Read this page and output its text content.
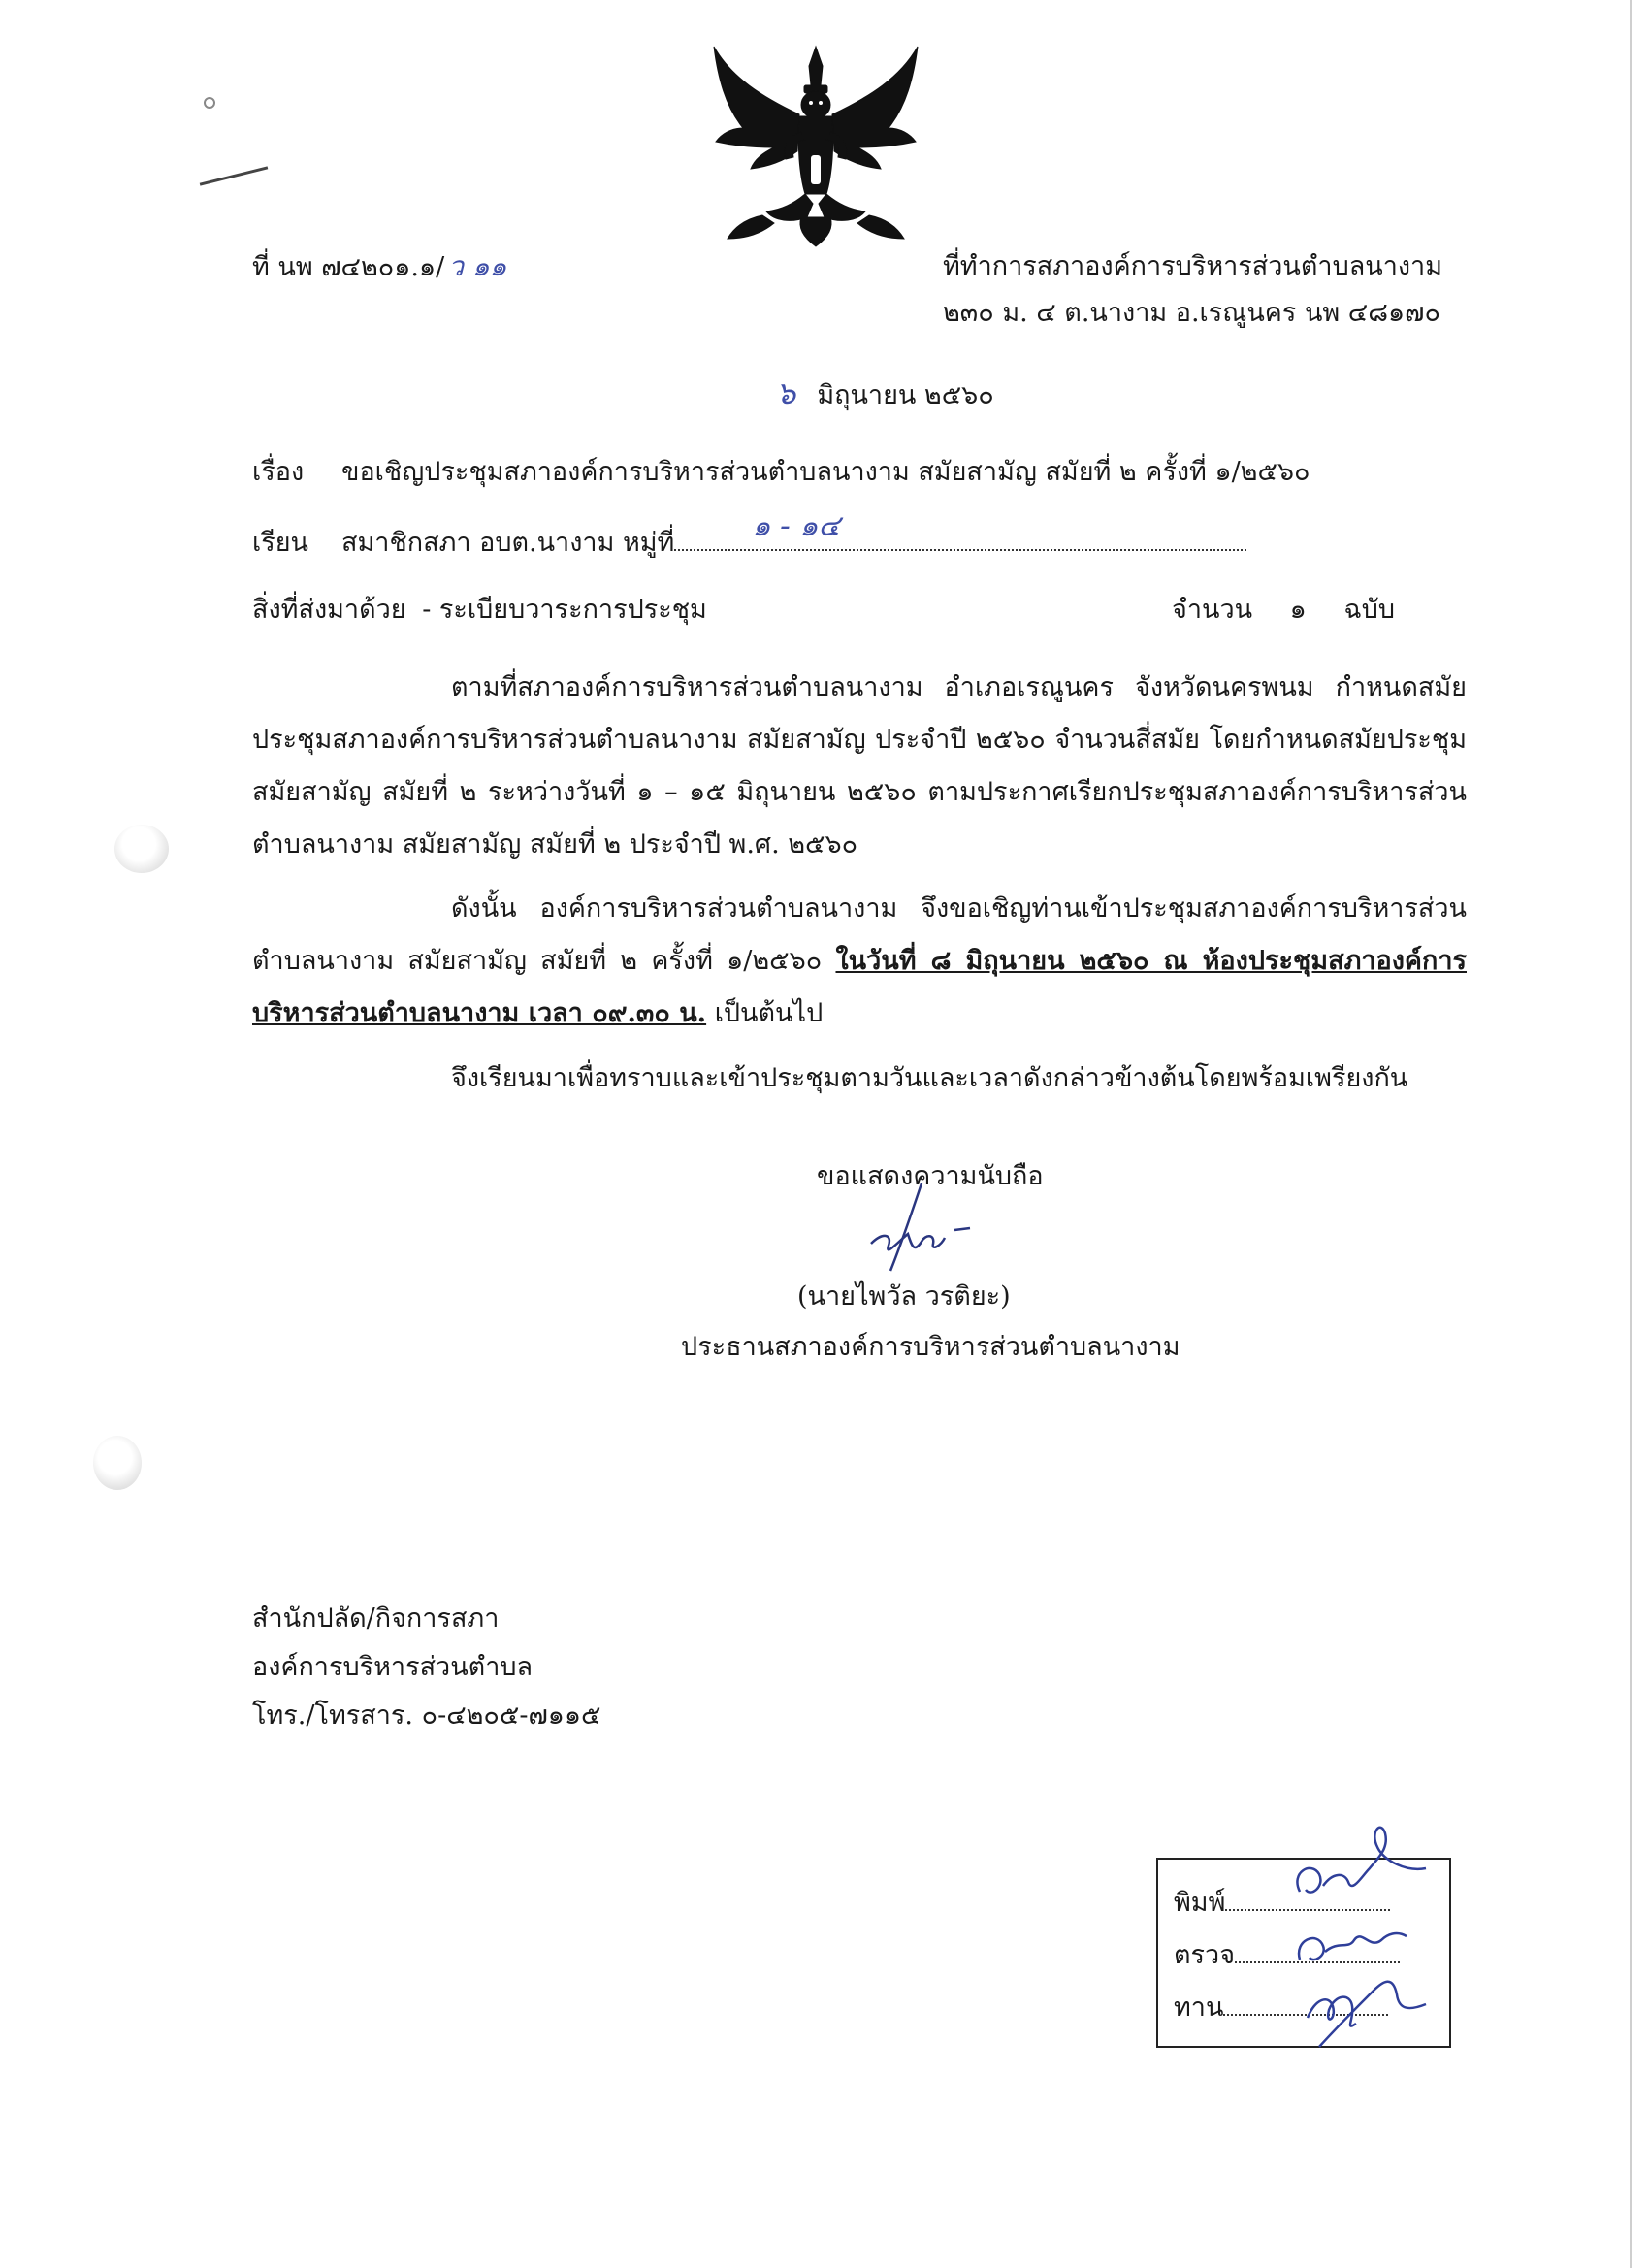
ที่ นพ ๗๔๒๐๑.๑/ ว ๑๑	ที่ทำการสภาองค์การบริหารส่วนตำบลนางาม
๒๓๐ ม. ๔ ต.นางาม อ.เรณูนคร นพ ๔๘๑๗๐
๖ มิถุนายน ๒๕๖๐
เรื่อง ขอเชิญประชุมสภาองค์การบริหารส่วนตำบลนางาม สมัยสามัญ สมัยที่ ๒ ครั้งที่ ๑/๒๕๖๐
เรียน สมาชิกสภา อบต.นางาม หมู่ที่	๑ - ๑๔
สิ่งที่ส่งมาด้วย - ระเบียบวาระการประชุม	จำนวน ๑ ฉบับ
ตามที่สภาองค์การบริหารส่วนตำบลนางาม อำเภอเรณูนคร จังหวัดนครพนม กำหนดสมัยประชุมสภาองค์การบริหารส่วนตำบลนางาม สมัยสามัญ ประจำปี ๒๕๖๐ จำนวนสี่สมัย โดยกำหนดสมัยประชุม สมัยสามัญ สมัยที่ ๒ ระหว่างวันที่ ๑ – ๑๕ มิถุนายน ๒๕๖๐ ตามประกาศเรียกประชุมสภาองค์การบริหารส่วนตำบลนางาม สมัยสามัญ สมัยที่ ๒ ประจำปี พ.ศ. ๒๕๖๐
ดังนั้น องค์การบริหารส่วนตำบลนางาม จึงขอเชิญท่านเข้าประชุมสภาองค์การบริหารส่วนตำบลนางาม สมัยสามัญ สมัยที่ ๒ ครั้งที่ ๑/๒๕๖๐ ในวันที่ ๘ มิถุนายน ๒๕๖๐ ณ ห้องประชุมสภาองค์การบริหารส่วนตำบลนางาม เวลา ๐๙.๓๐ น. เป็นต้นไป
จึงเรียนมาเพื่อทราบและเข้าประชุมตามวันและเวลาดังกล่าวข้างต้นโดยพร้อมเพรียงกัน
ขอแสดงความนับถือ
(นายไพวัล วรติยะ)
ประธานสภาองค์การบริหารส่วนตำบลนางาม
สำนักปลัด/กิจการสภา
องค์การบริหารส่วนตำบล
โทร./โทรสาร. ๐-๔๒๐๕-๗๑๑๕
พิมพ์
ตรวจ
ทาน
